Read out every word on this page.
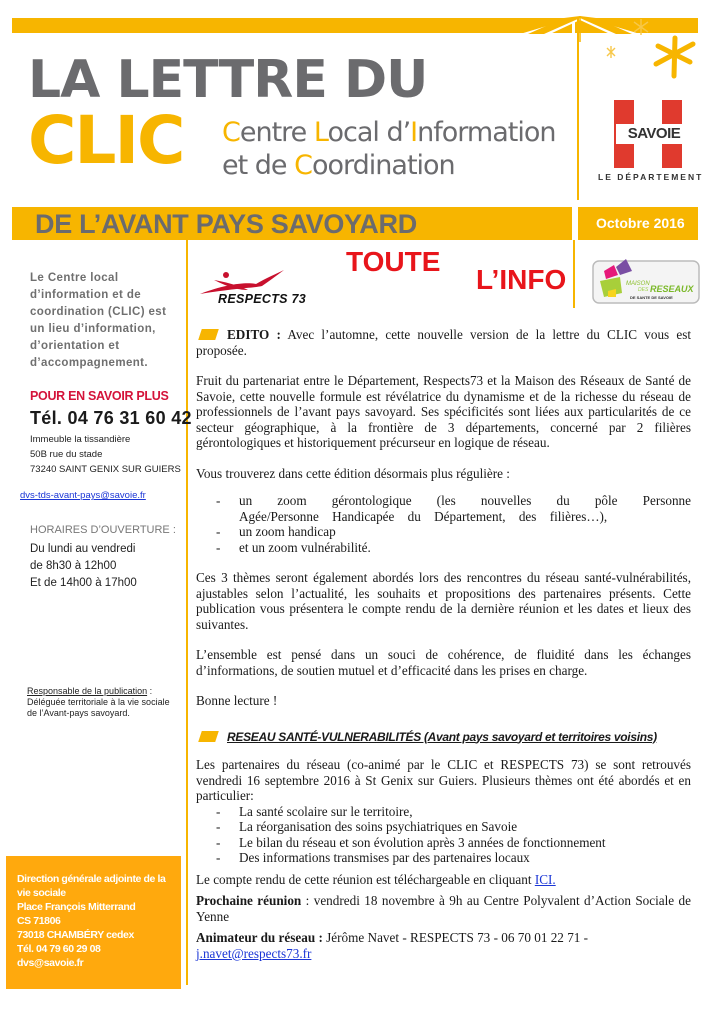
LA LETTRE DU
CLIC Centre Local d’Information
et de Coordination
SAVOIE
LE DÉPARTEMENT
DE L’AVANT PAYS SAVOYARD	Octobre 2016
Le Centre local d’information et de coordination (CLIC) est un lieu d’information, d’orientation et d’accompagnement.
POUR EN SAVOIR PLUS
Tél. 04 76 31 60 42
Immeuble la tissandière
50B rue du stade
73240 SAINT GENIX SUR GUIERS
dvs-tds-avant-pays@savoie.fr
HORAIRES D’OUVERTURE :
Du lundi au vendredi
de 8h30 à 12h00
Et de 14h00 à 17h00
Responsable de la publication : Déléguée territoriale à la vie sociale de l’Avant-pays savoyard.
Direction générale adjointe de la vie sociale
Place François Mitterrand
CS 71806
73018 CHAMBÉRY cedex
Tél. 04 79 60 29 08
dvs@savoie.fr
RESPECTS 73
TOUTE
L’INFO	MAISON
DES RESEAUX
DE SANTE DE SAVOIE

EDITO : Avec l’automne, cette nouvelle version de la lettre du CLIC vous est proposée.

Fruit du partenariat entre le Département, Respects73 et la Maison des Réseaux de Santé de Savoie, cette nouvelle formule est révélatrice du dynamisme et de la richesse du réseau de professionnels de l’avant pays savoyard. Ses spécificités sont liées aux particularités de ce secteur géographique, à la frontière de 3 départements, concerné par 2 filières gérontologiques et historiquement précurseur en logique de réseau.

Vous trouverez dans cette édition désormais plus régulière :

- un zoom gérontologique (les nouvelles du pôle Personne Agée/Personne Handicapée du Département, des filières…),
- un zoom handicap
- et un zoom vulnérabilité.

Ces 3 thèmes seront également abordés lors des rencontres du réseau santé-vulnérabilités, ajustables selon l’actualité, les souhaits et propositions des partenaires présents. Cette publication vous présentera le compte rendu de la dernière réunion et les dates et lieux des suivantes.

L’ensemble est pensé dans un souci de cohérence, de fluidité dans les échanges d’informations, de soutien mutuel et d’efficacité dans les prises en charge.

Bonne lecture !

RESEAU SANTÉ-VULNERABILITÉS (Avant pays savoyard et territoires voisins)

Les partenaires du réseau (co-animé par le CLIC et RESPECTS 73) se sont retrouvés vendredi 16 septembre 2016 à St Genix sur Guiers. Plusieurs thèmes ont été abordés et en particulier:

- La santé scolaire sur le territoire,
- La réorganisation des soins psychiatriques en Savoie
- Le bilan du réseau et son évolution après 3 années de fonctionnement
- Des informations transmises par des partenaires locaux

Le compte rendu de cette réunion est téléchargeable en cliquant ICI.

Prochaine réunion : vendredi 18 novembre à 9h au Centre Polyvalent d’Action Sociale de Yenne

Animateur du réseau : Jérôme Navet - RESPECTS 73 - 06 70 01 22 71 -
j.navet@respects73.fr
